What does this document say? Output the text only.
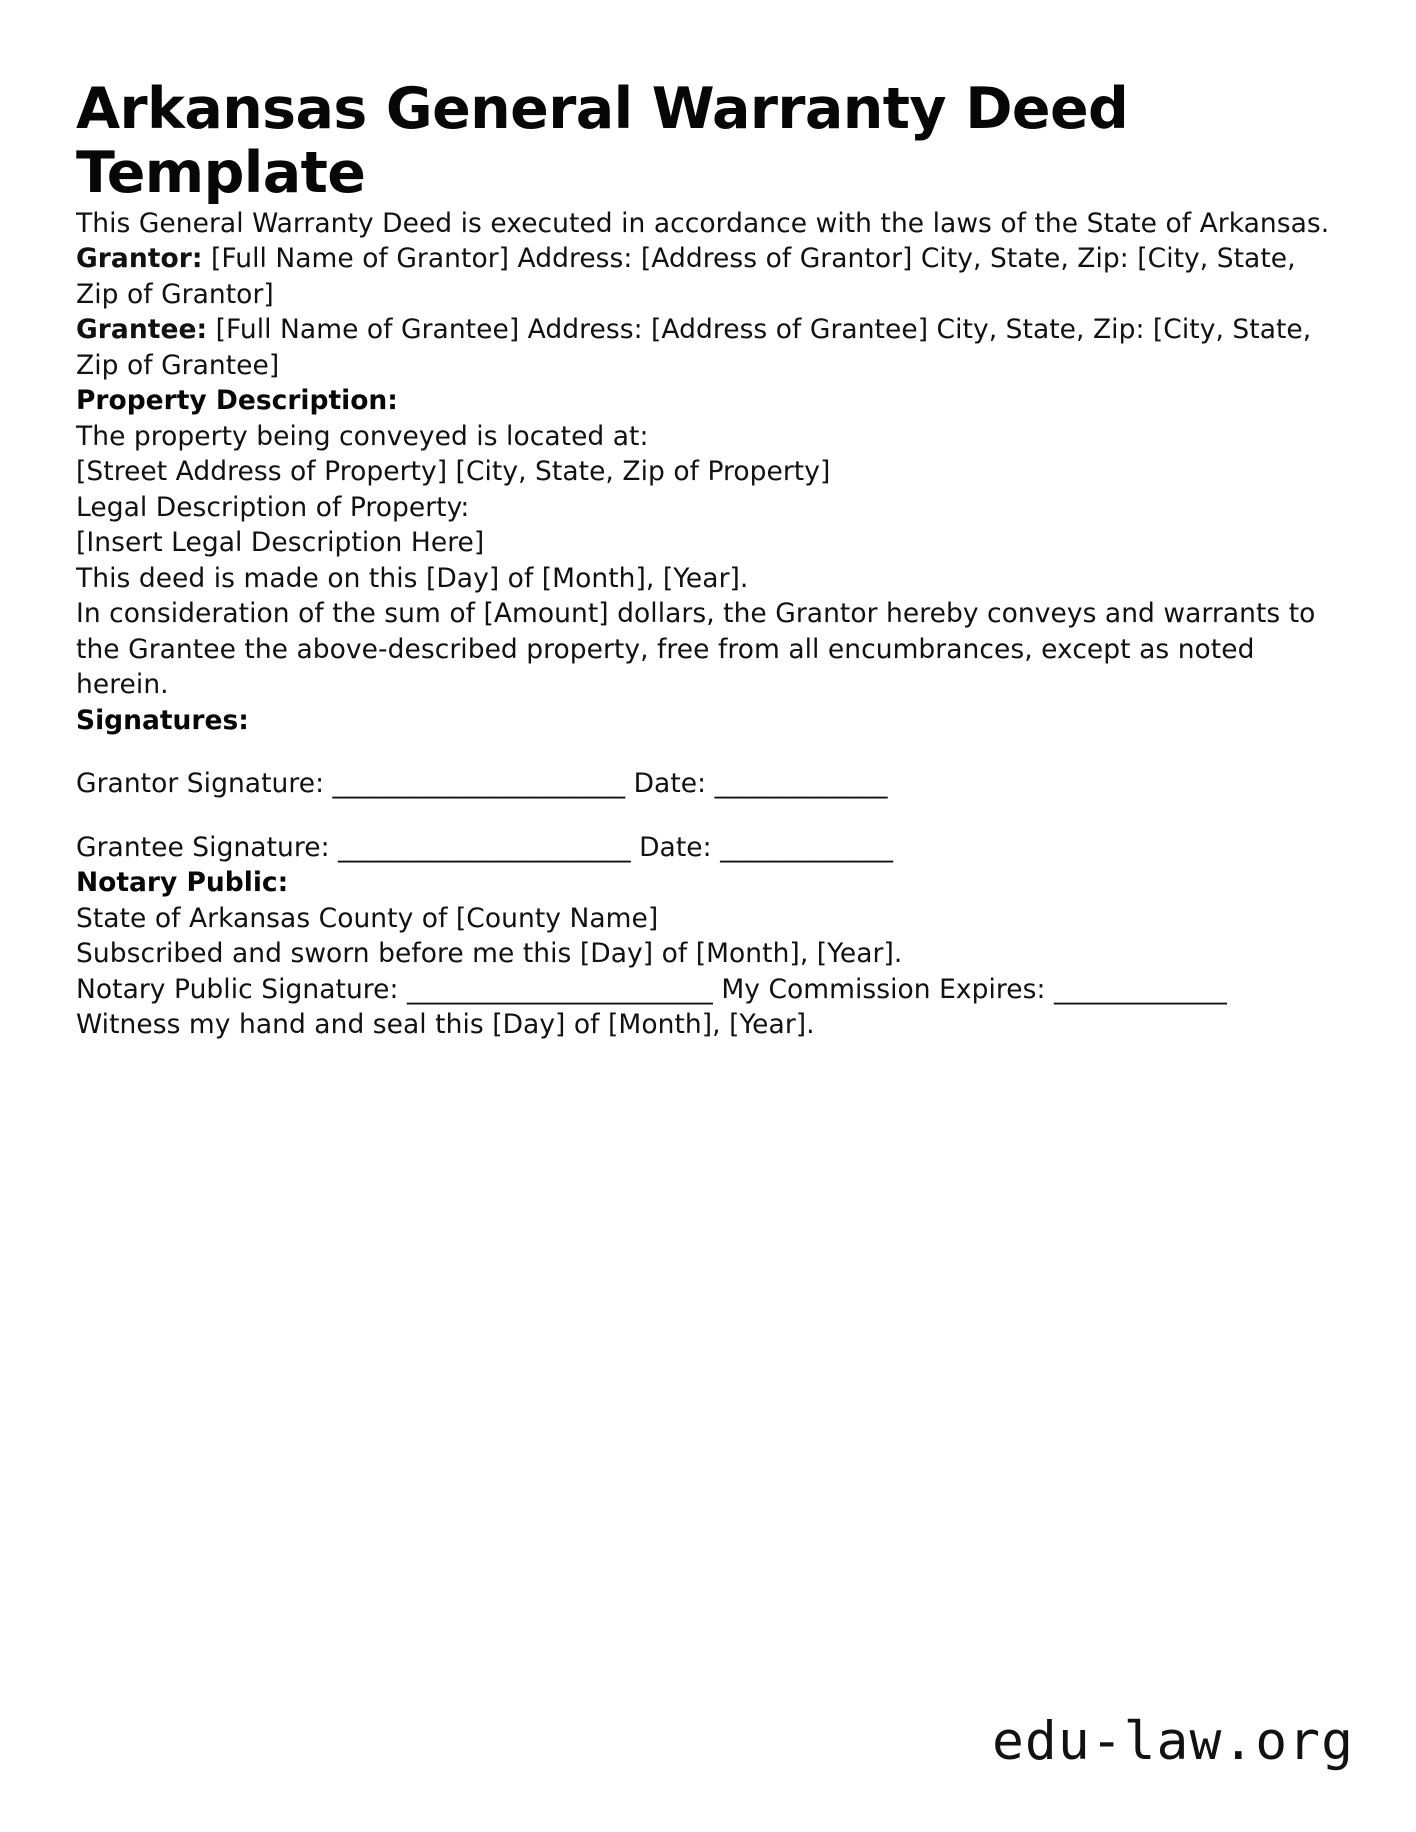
Arkansas General Warranty Deed Template

This General Warranty Deed is executed in accordance with the laws of the State of Arkansas.

Grantor: [Full Name of Grantor] Address: [Address of Grantor] City, State, Zip: [City, State, Zip of Grantor]

Grantee: [Full Name of Grantee] Address: [Address of Grantee] City, State, Zip: [City, State, Zip of Grantee]

Property Description:

The property being conveyed is located at:

[Street Address of Property] [City, State, Zip of Property]

Legal Description of Property:

[Insert Legal Description Here]

This deed is made on this [Day] of [Month], [Year].

In consideration of the sum of [Amount] dollars, the Grantor hereby conveys and warrants to the Grantee the above-described property, free from all encumbrances, except as noted herein.

Signatures:

Grantor Signature: ______________________ Date: _____________

Grantee Signature: ______________________ Date: _____________

Notary Public:

State of Arkansas County of [County Name]

Subscribed and sworn before me this [Day] of [Month], [Year].

Notary Public Signature: _______________________ My Commission Expires: _____________

Witness my hand and seal this [Day] of [Month], [Year].

edu-law.org
